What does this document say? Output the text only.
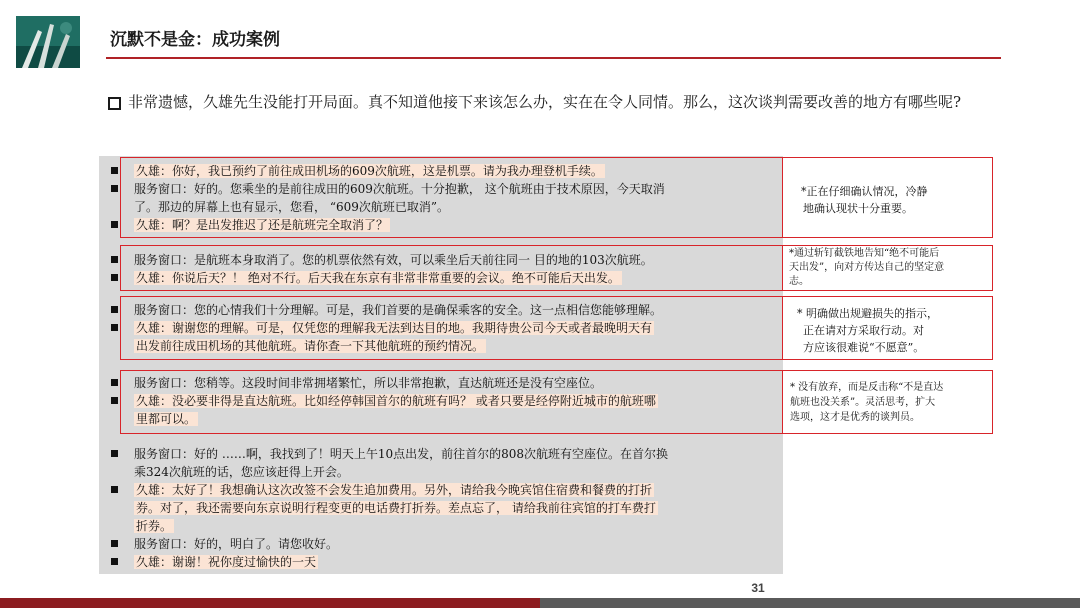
沉默不是金：成功案例
非常遗憾，久雄先生没能打开局面。真不知道他接下来该怎么办，实在在令人同情。那么，这次谈判需要改善的地方有哪些呢?
久雄：你好，我已预约了前往成田机场的609次航班，这是机票。请为我办理登机手续。
服务窗口：好的。您乘坐的是前往成田的609次航班。十分抱歉， 这个航班由于技术原因，今天取消
了。那边的屏幕上也有显示，您看， “609次航班已取消”。
久雄：啊？是出发推迟了还是航班完全取消了？
服务窗口：是航班本身取消了。您的机票依然有效，可以乘坐后天前往同一 目的地的103次航班。
久雄：你说后天？！ 绝对不行。后天我在东京有非常非常重要的会议。绝不可能后天出发。
服务窗口：您的心情我们十分理解。可是，我们首要的是确保乘客的安全。这一点相信您能够理解。
久雄：谢谢您的理解。可是，仅凭您的理解我无法到达目的地。我期待贵公司今天或者最晚明天有
出发前往成田机场的其他航班。请你查一下其他航班的预约情况。
服务窗口：您稍等。这段时间非常拥堵繁忙，所以非常抱歉，直达航班还是没有空座位。
久雄：没必要非得是直达航班。比如经停韩国首尔的航班有吗？ 或者只要是经停附近城市的航班哪
里都可以。
服务窗口：好的 ……啊，我找到了！明天上午10点出发，前往首尔的808次航班有空座位。在首尔换
乘324次航班的话，您应该赶得上开会。
久雄：太好了！我想确认这次改签不会发生追加费用。另外，请给我今晚宾馆住宿费和餐费的打折
券。对了，我还需要向东京说明行程变更的电话费打折券。差点忘了， 请给我前往宾馆的打车费打
折券。
服务窗口：好的，明白了。请您收好。
久雄：谢谢！祝你度过愉快的一天
*正在仔细确认情况，冷静
地确认现状十分重要。
*通过斩钉截铁地告知“绝不可能后
天出发”，向对方传达自己的坚定意
志。
* 明确做出规避损失的指示，
正在请对方采取行动。对
方应该很难说“不愿意”。
* 没有放弃，而是反击称“不是直达
航班也没关系”。灵活思考，扩大
选项，这才是优秀的谈判员。
31
